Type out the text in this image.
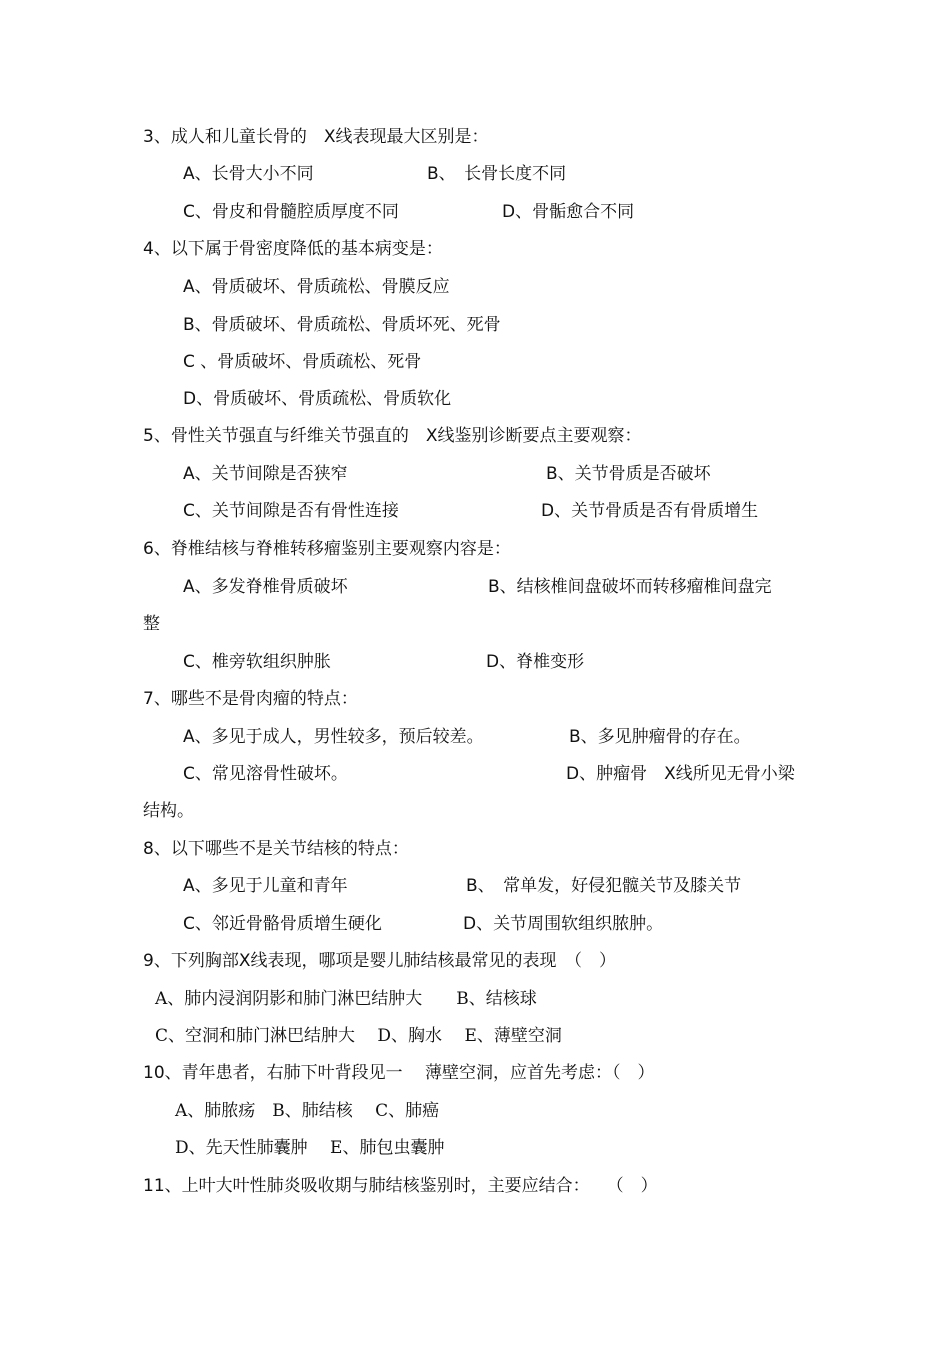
3、成人和儿童长骨的　X线表现最大区别是：
A、长骨大小不同	B、　长骨长度不同
C、骨皮和骨髓腔质厚度不同	D、骨骺愈合不同
4、以下属于骨密度降低的基本病变是：
A、骨质破坏、骨质疏松、骨膜反应
B、骨质破坏、骨质疏松、骨质坏死、死骨
C 、骨质破坏、骨质疏松、死骨
D、骨质破坏、骨质疏松、骨质软化
5、骨性关节强直与纤维关节强直的　X线鉴别诊断要点主要观察：
A、关节间隙是否狭窄	B、关节骨质是否破坏
C、关节间隙是否有骨性连接	D、关节骨质是否有骨质增生
6、脊椎结核与脊椎转移瘤鉴别主要观察内容是：
A、多发脊椎骨质破坏	B、结核椎间盘破坏而转移瘤椎间盘完
整
C、椎旁软组织肿胀	D、脊椎变形
7、哪些不是骨肉瘤的特点：
A、多见于成人，男性较多，预后较差。	B、多见肿瘤骨的存在。
C、常见溶骨性破坏。	D、肿瘤骨　X线所见无骨小梁
结构。
8、以下哪些不是关节结核的特点：
A、多见于儿童和青年	B、　常单发，好侵犯髋关节及膝关节
C、邻近骨骼骨质增生硬化	D、关节周围软组织脓肿。
9、下列胸部X线表现，哪项是婴儿肺结核最常见的表现　（　）
A、肺内浸润阴影和肺门淋巴结肿大　　B、结核球
C、空洞和肺门淋巴结肿大　 D、胸水　 E、薄壁空洞
10、青年患者，右肺下叶背段见一　 薄壁空洞，应首先考虑：（　）
A、肺脓疡　B、肺结核　 C、肺癌
D、先天性肺囊肿　 E、肺包虫囊肿
11、上叶大叶性肺炎吸收期与肺结核鉴别时，主要应结合：　　（　）
